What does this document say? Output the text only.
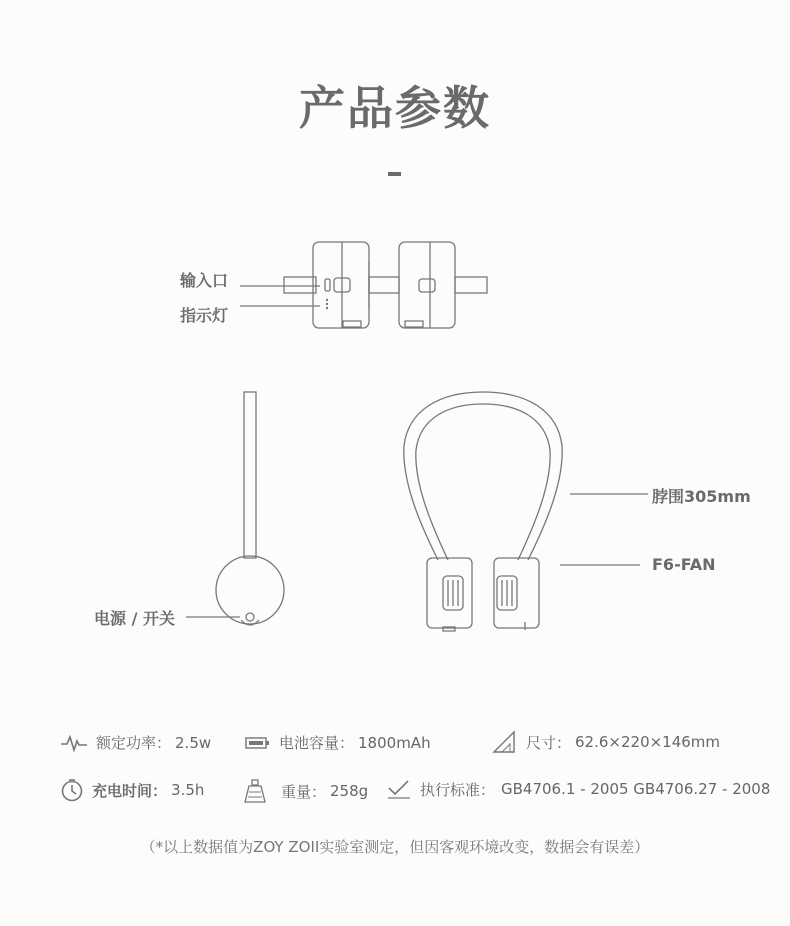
产品参数
输入口
指示灯
脖围305mm
F6-FAN
电源 / 开关
额定功率： 2.5w	电池容量： 1800mAh	尺寸： 62.6×220×146mm
充电时间： 3.5h	重量： 258g	执行标准： GB4706.1 - 2005 GB4706.27 - 2008
（*以上数据值为ZOY ZOII实验室测定，但因客观环境改变，数据会有误差）
